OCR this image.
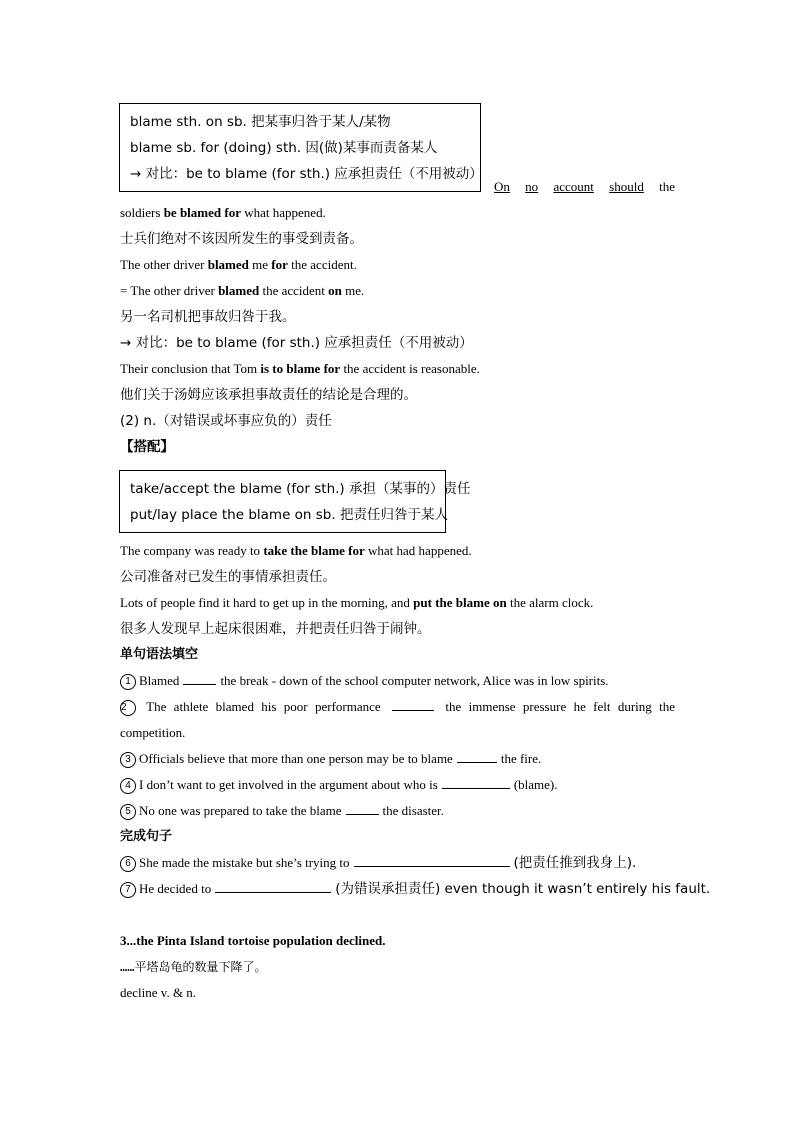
blame sth. on sb. 把某事归咎于某人/某物
blame sb. for (doing) sth. 因(做)某事而责备某人
→ 对比：be to blame (for sth.) 应承担责任（不用被动）
On no account should the
soldiers be blamed for what happened.
士兵们绝对不该因所发生的事受到责备。
The other driver blamed me for the accident.
= The other driver blamed the accident on me.
另一名司机把事故归咎于我。
→ 对比：be to blame (for sth.) 应承担责任（不用被动）
Their conclusion that Tom is to blame for the accident is reasonable.
他们关于汤姆应该承担事故责任的结论是合理的。
(2) n.（对错误或坏事应负的）责任
【搭配】
take/accept the blame (for sth.) 承担（某事的）责任
put/lay place the blame on sb. 把责任归咎于某人
The company was ready to take the blame for what had happened.
公司准备对已发生的事情承担责任。
Lots of people find it hard to get up in the morning, and put the blame on the alarm clock.
很多人发现早上起床很困难，并把责任归咎于闹钟。
单句语法填空
1 Blamed	the break - down of the school computer network, Alice was in low spirits.
2 The athlete blamed his poor performance	the immense pressure he felt during the
competition.
3 Officials believe that more than one person may be to blame	the fire.
4 I don’t want to get involved in the argument about who is	(blame).
5 No one was prepared to take the blame	the disaster.
完成句子
6 She made the mistake but she’s trying to	(把责任推到我身上).
7 He decided to	(为错误承担责任) even though it wasn’t entirely his fault.
3...the Pinta Island tortoise population declined.
……平塔岛龟的数量下降了。
decline v. & n.
